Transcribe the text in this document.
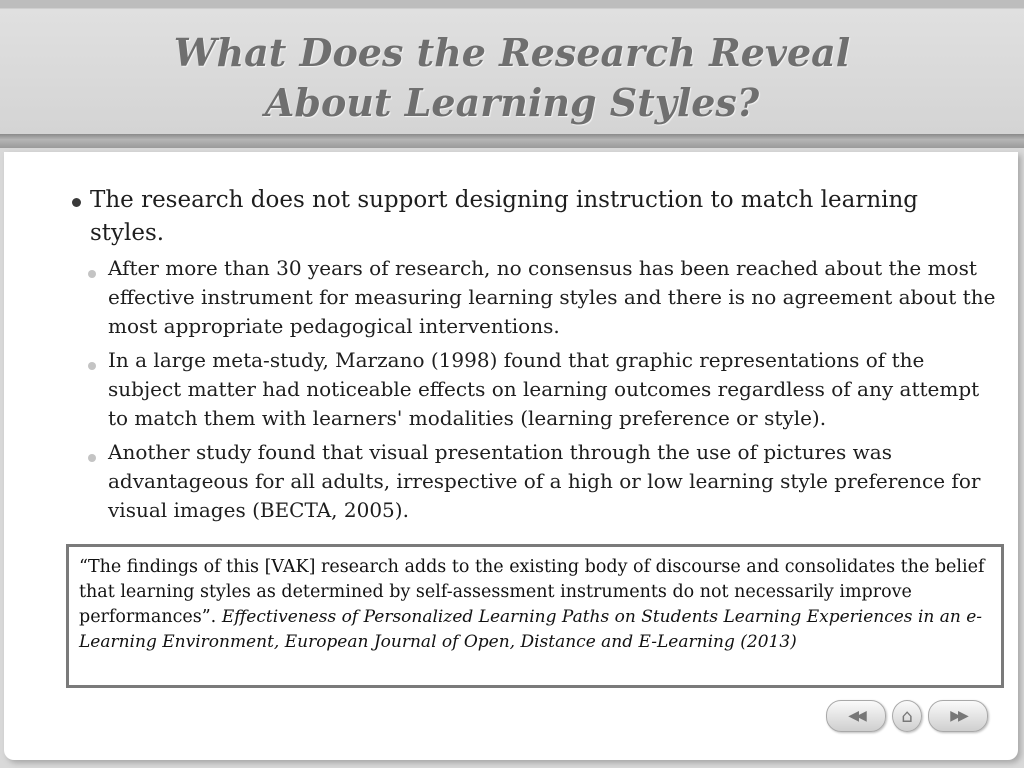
What Does the Research Reveal
About Learning Styles?
The research does not support designing instruction to match learning styles.
After more than 30 years of research, no consensus has been reached about the most effective instrument for measuring learning styles and there is no agreement about the most appropriate pedagogical interventions.
In a large meta-study, Marzano (1998) found that graphic representations of the subject matter had noticeable effects on learning outcomes regardless of any attempt to match them with learners' modalities (learning preference or style).
Another study found that visual presentation through the use of pictures was advantageous for all adults, irrespective of a high or low learning style preference for visual images (BECTA, 2005).
“The findings of this [VAK] research adds to the existing body of discourse and consolidates the belief that learning styles as determined by self-assessment instruments do not necessarily improve performances”. Effectiveness of Personalized Learning Paths on Students Learning Experiences in an e-Learning Environment, European Journal of Open, Distance and E-Learning (2013)
◀◀ ⌂	▶▶
